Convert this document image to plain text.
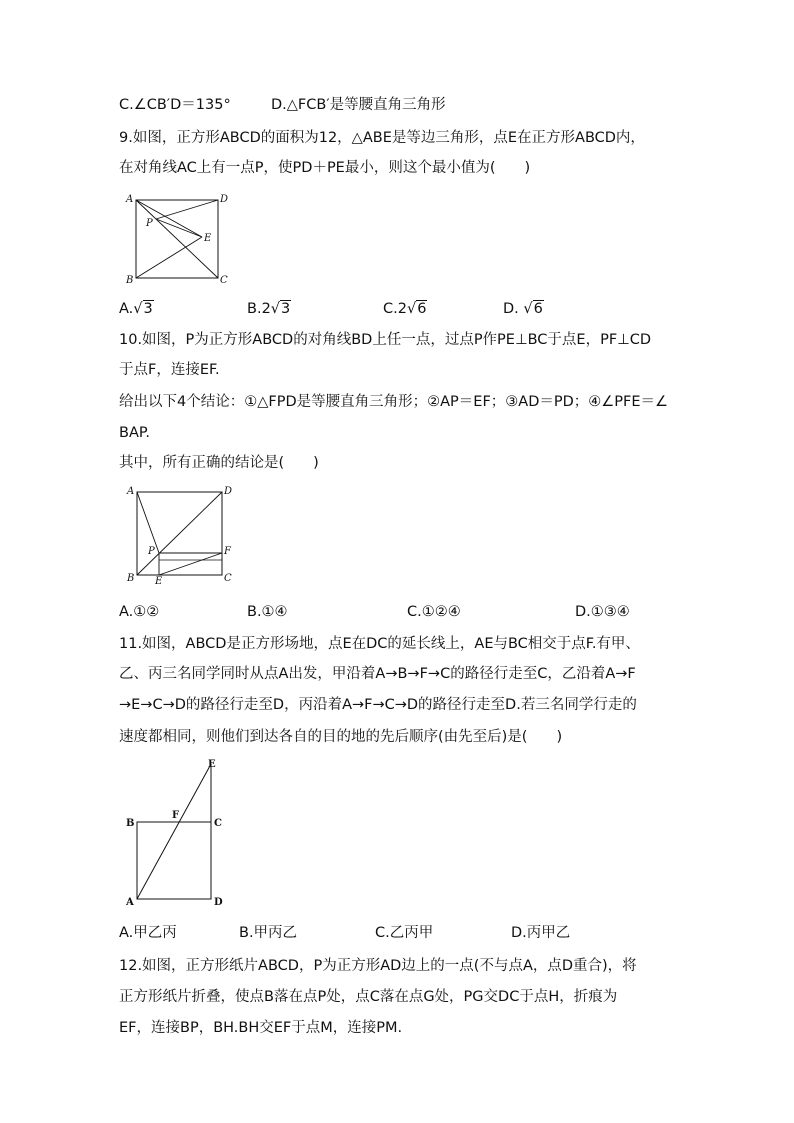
C.∠CB′D＝135°	D.△FCB′是等腰直角三角形
9.如图，正方形ABCD的面积为12，△ABE是等边三角形，点E在正方形ABCD内，
在对角线AC上有一点P，使PD＋PE最小，则这个最小值为(　　)
A	D
P
E
B	C
A.√3	B.2√3	C.2√6	D. √6
10.如图，P为正方形ABCD的对角线BD上任一点，过点P作PE⊥BC于点E，PF⊥CD
于点F，连接EF.
给出以下4个结论：①△FPD是等腰直角三角形；②AP＝EF；③AD＝PD；④∠PFE＝∠
BAP.
其中，所有正确的结论是(　　)
A	D
P	F
B E	C
A.①②	B.①④	C.①②④	D.①③④
11.如图，ABCD是正方形场地，点E在DC的延长线上，AE与BC相交于点F.有甲、
乙、丙三名同学同时从点A出发，甲沿着A→B→F→C的路径行走至C，乙沿着A→F
→E→C→D的路径行走至D，丙沿着A→F→C→D的路径行走至D.若三名同学行走的
速度都相同，则他们到达各自的目的地的先后顺序(由先至后)是(　　)
E
B
F
C
A	D
A.甲乙丙	B.甲丙乙	C.乙丙甲	D.丙甲乙
12.如图，正方形纸片ABCD，P为正方形AD边上的一点(不与点A，点D重合)，将
正方形纸片折叠，使点B落在点P处，点C落在点G处，PG交DC于点H，折痕为
EF，连接BP，BH.BH交EF于点M，连接PM.
